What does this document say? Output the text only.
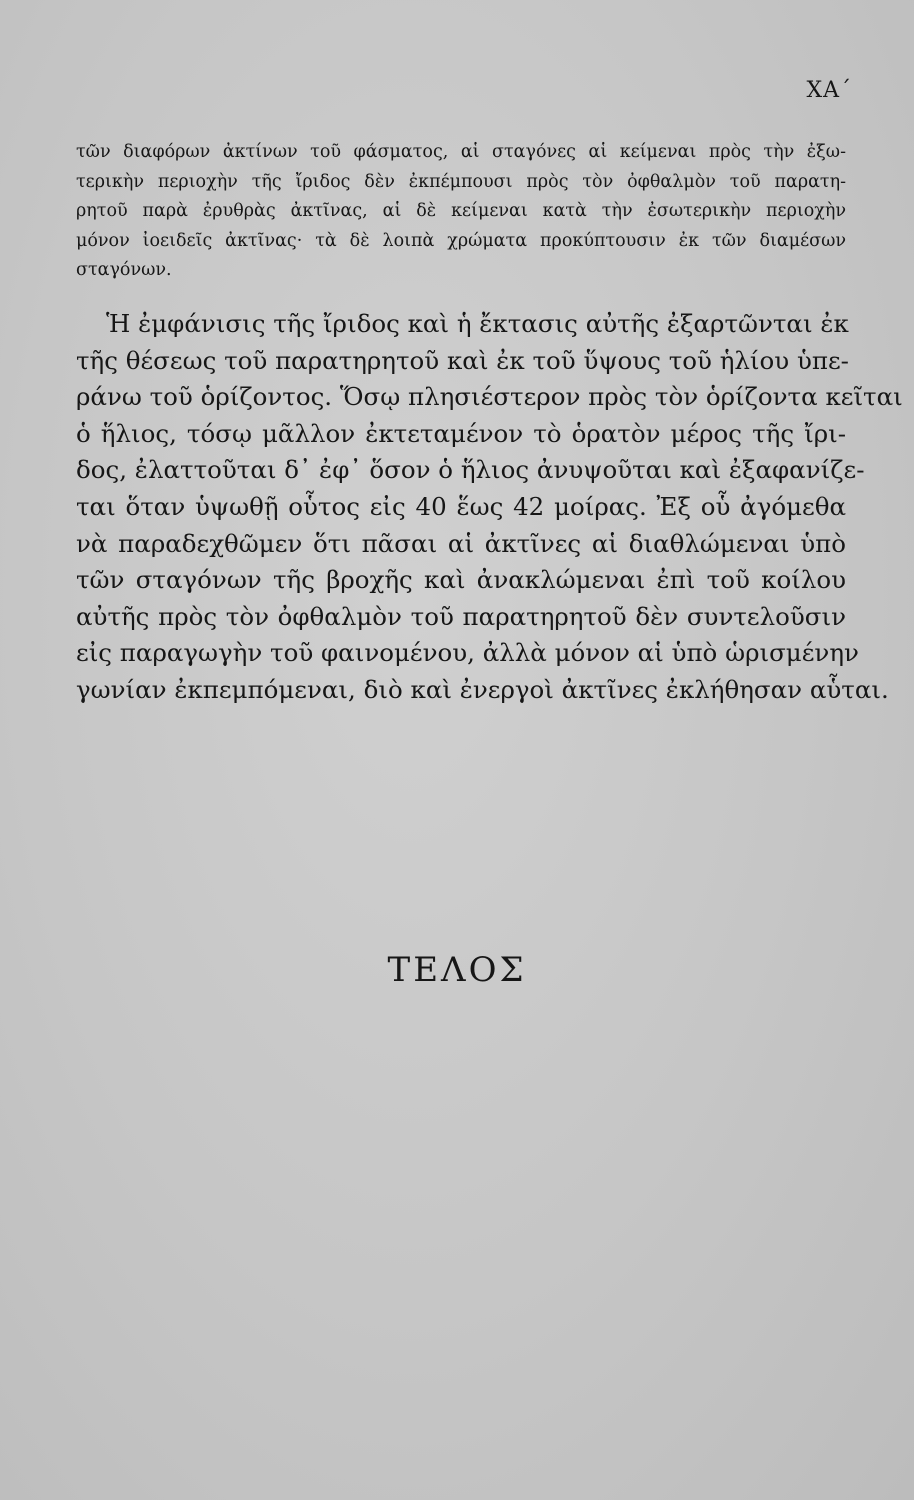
ΧΑ΄
τῶν διαφόρων ἀκτίνων τοῦ φάσματος, αἱ σταγόνες αἱ κείμεναι πρὸς τὴν ἐξω-
τερικὴν περιοχὴν τῆς ἴριδος δὲν ἐκπέμπουσι πρὸς τὸν ὀφθαλμὸν τοῦ παρατη-
ρητοῦ παρὰ ἐρυθρὰς ἀκτῖνας, αἱ δὲ κείμεναι κατὰ τὴν ἐσωτερικὴν περιοχὴν
μόνον ἰοειδεῖς ἀκτῖνας· τὰ δὲ λοιπὰ χρώματα προκύπτουσιν ἐκ τῶν διαμέσων
σταγόνων.
Ἡ ἐμφάνισις τῆς ἴριδος καὶ ἡ ἔκτασις αὐτῆς ἐξαρτῶνται ἐκ
τῆς θέσεως τοῦ παρατηρητοῦ καὶ ἐκ τοῦ ὕψους τοῦ ἡλίου ὑπε-
ράνω τοῦ ὁρίζοντος. Ὅσῳ πλησιέστερον πρὸς τὸν ὁρίζοντα κεῖται
ὁ ἥλιος, τόσῳ μᾶλλον ἐκτεταμένον τὸ ὁρατὸν μέρος τῆς ἴρι-
δος, ἐλαττοῦται δ᾽ ἐφ᾽ ὅσον ὁ ἥλιος ἀνυψοῦται καὶ ἐξαφανίζε-
ται ὅταν ὑψωθῇ οὗτος εἰς 40 ἕως 42 μοίρας. Ἐξ οὗ ἀγόμεθα
νὰ παραδεχθῶμεν ὅτι πᾶσαι αἱ ἀκτῖνες αἱ διαθλώμεναι ὑπὸ
τῶν σταγόνων τῆς βροχῆς καὶ ἀνακλώμεναι ἐπὶ τοῦ κοίλου
αὐτῆς πρὸς τὸν ὀφθαλμὸν τοῦ παρατηρητοῦ δὲν συντελοῦσιν
εἰς παραγωγὴν τοῦ φαινομένου, ἀλλὰ μόνον αἱ ὑπὸ ὡρισμένην
γωνίαν ἐκπεμπόμεναι, διὸ καὶ ἐνεργοὶ ἀκτῖνες ἐκλήθησαν αὗται.
ΤΕΛΟΣ
